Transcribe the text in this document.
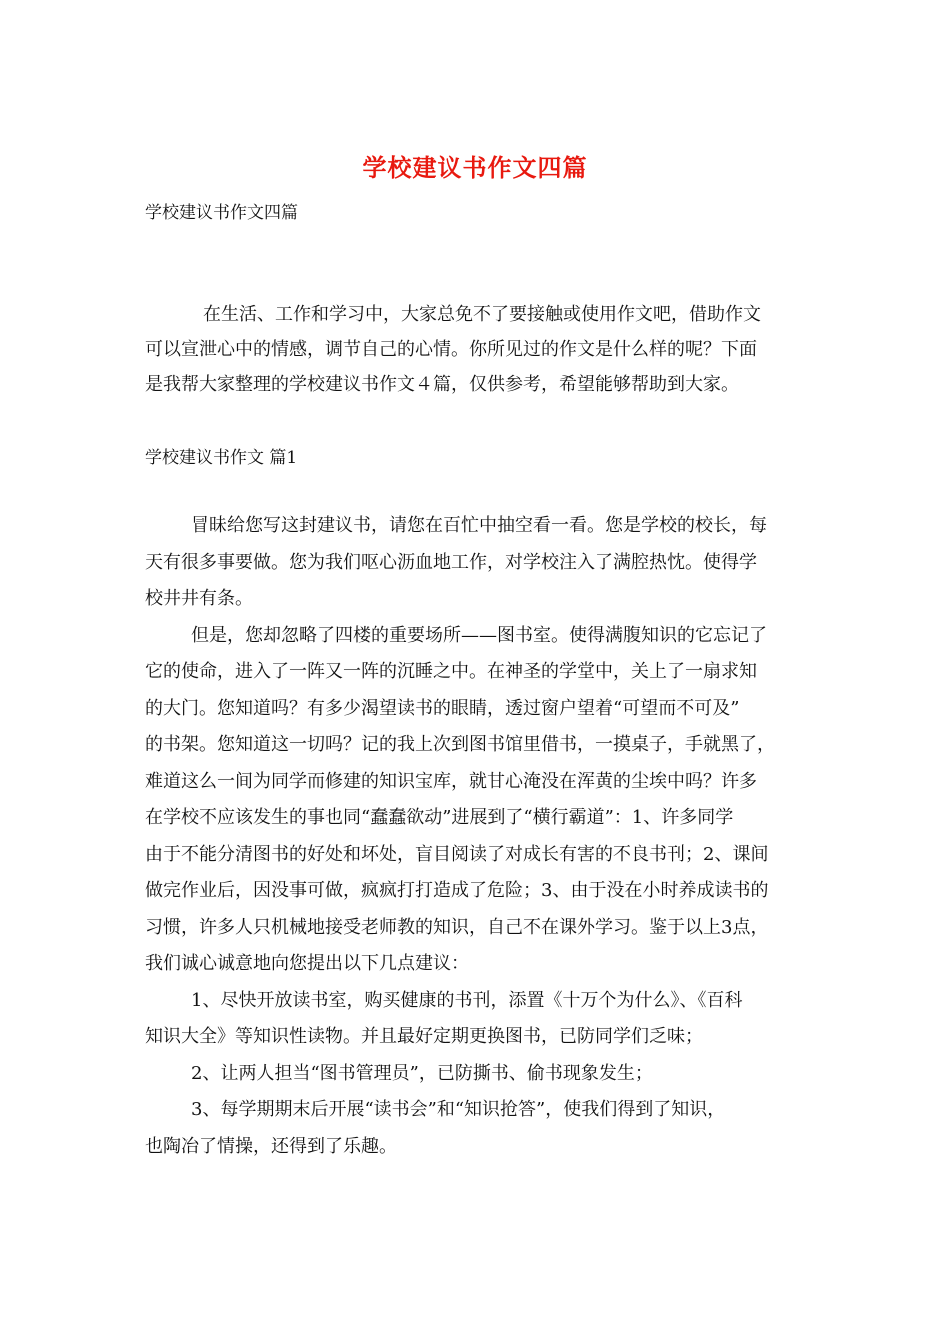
学校建议书作文四篇
学校建议书作文四篇
在生活、工作和学习中，大家总免不了要接触或使用作文吧，借助作文
可以宣泄心中的情感，调节自己的心情。你所见过的作文是什么样的呢？下面
是我帮大家整理的学校建议书作文４篇，仅供参考，希望能够帮助到大家。
学校建议书作文 篇1
冒昧给您写这封建议书，请您在百忙中抽空看一看。您是学校的校长，每
天有很多事要做。您为我们呕心沥血地工作，对学校注入了满腔热忱。使得学
校井井有条。
但是，您却忽略了四楼的重要场所——图书室。使得满腹知识的它忘记了
它的使命，进入了一阵又一阵的沉睡之中。在神圣的学堂中，关上了一扇求知
的大门。您知道吗？有多少渴望读书的眼睛，透过窗户望着“可望而不可及”
的书架。您知道这一切吗？记的我上次到图书馆里借书，一摸桌子，手就黑了，
难道这么一间为同学而修建的知识宝库，就甘心淹没在浑黄的尘埃中吗？许多
在学校不应该发生的事也同“蠢蠢欲动”进展到了“横行霸道”：1、许多同学
由于不能分清图书的好处和坏处，盲目阅读了对成长有害的不良书刊；2、课间
做完作业后，因没事可做，疯疯打打造成了危险；3、由于没在小时养成读书的
习惯，许多人只机械地接受老师教的知识，自己不在课外学习。鉴于以上3点，
我们诚心诚意地向您提出以下几点建议：
1、尽快开放读书室，购买健康的书刊，添置《十万个为什么》、《百科
知识大全》等知识性读物。并且最好定期更换图书，已防同学们乏味；
2、让两人担当“图书管理员”，已防撕书、偷书现象发生；
3、每学期期末后开展“读书会”和“知识抢答”，使我们得到了知识，
也陶冶了情操，还得到了乐趣。
